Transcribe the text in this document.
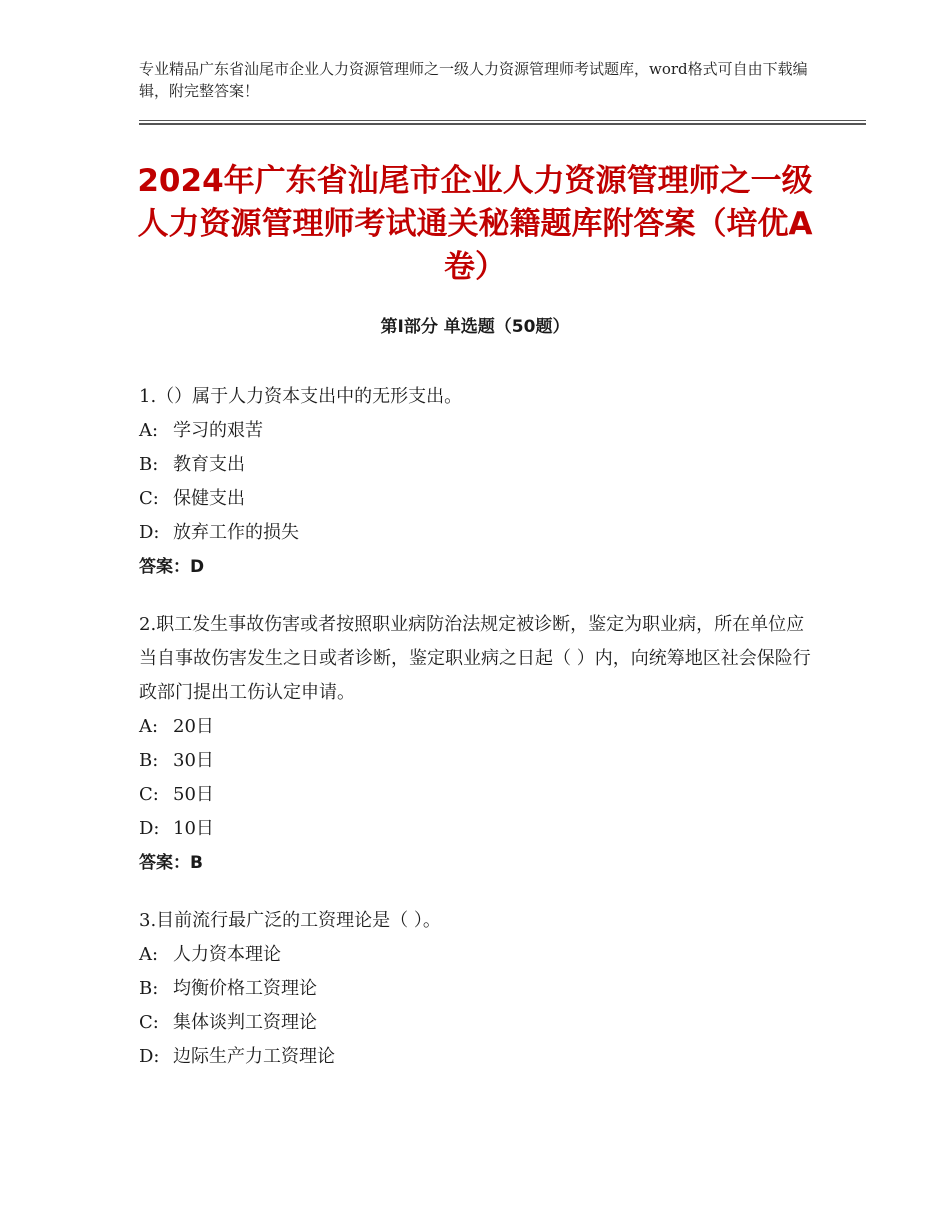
专业精品广东省汕尾市企业人力资源管理师之一级人力资源管理师考试题库，word格式可自由下载编辑，附完整答案！
2024年广东省汕尾市企业人力资源管理师之一级人力资源管理师考试通关秘籍题库附答案（培优A卷）
第Ⅰ部分 单选题（50题）

1.（）属于人力资本支出中的无形支出。

A: 学习的艰苦

B: 教育支出

C: 保健支出

D: 放弃工作的损失

答案：D

2.职工发生事故伤害或者按照职业病防治法规定被诊断，鉴定为职业病，所在单位应当自事故伤害发生之日或者诊断，鉴定职业病之日起（ ）内，向统筹地区社会保险行政部门提出工伤认定申请。

A: 20日

B: 30日

C: 50日

D: 10日

答案：B

3.目前流行最广泛的工资理论是（ ）。

A: 人力资本理论

B: 均衡价格工资理论

C: 集体谈判工资理论

D: 边际生产力工资理论
